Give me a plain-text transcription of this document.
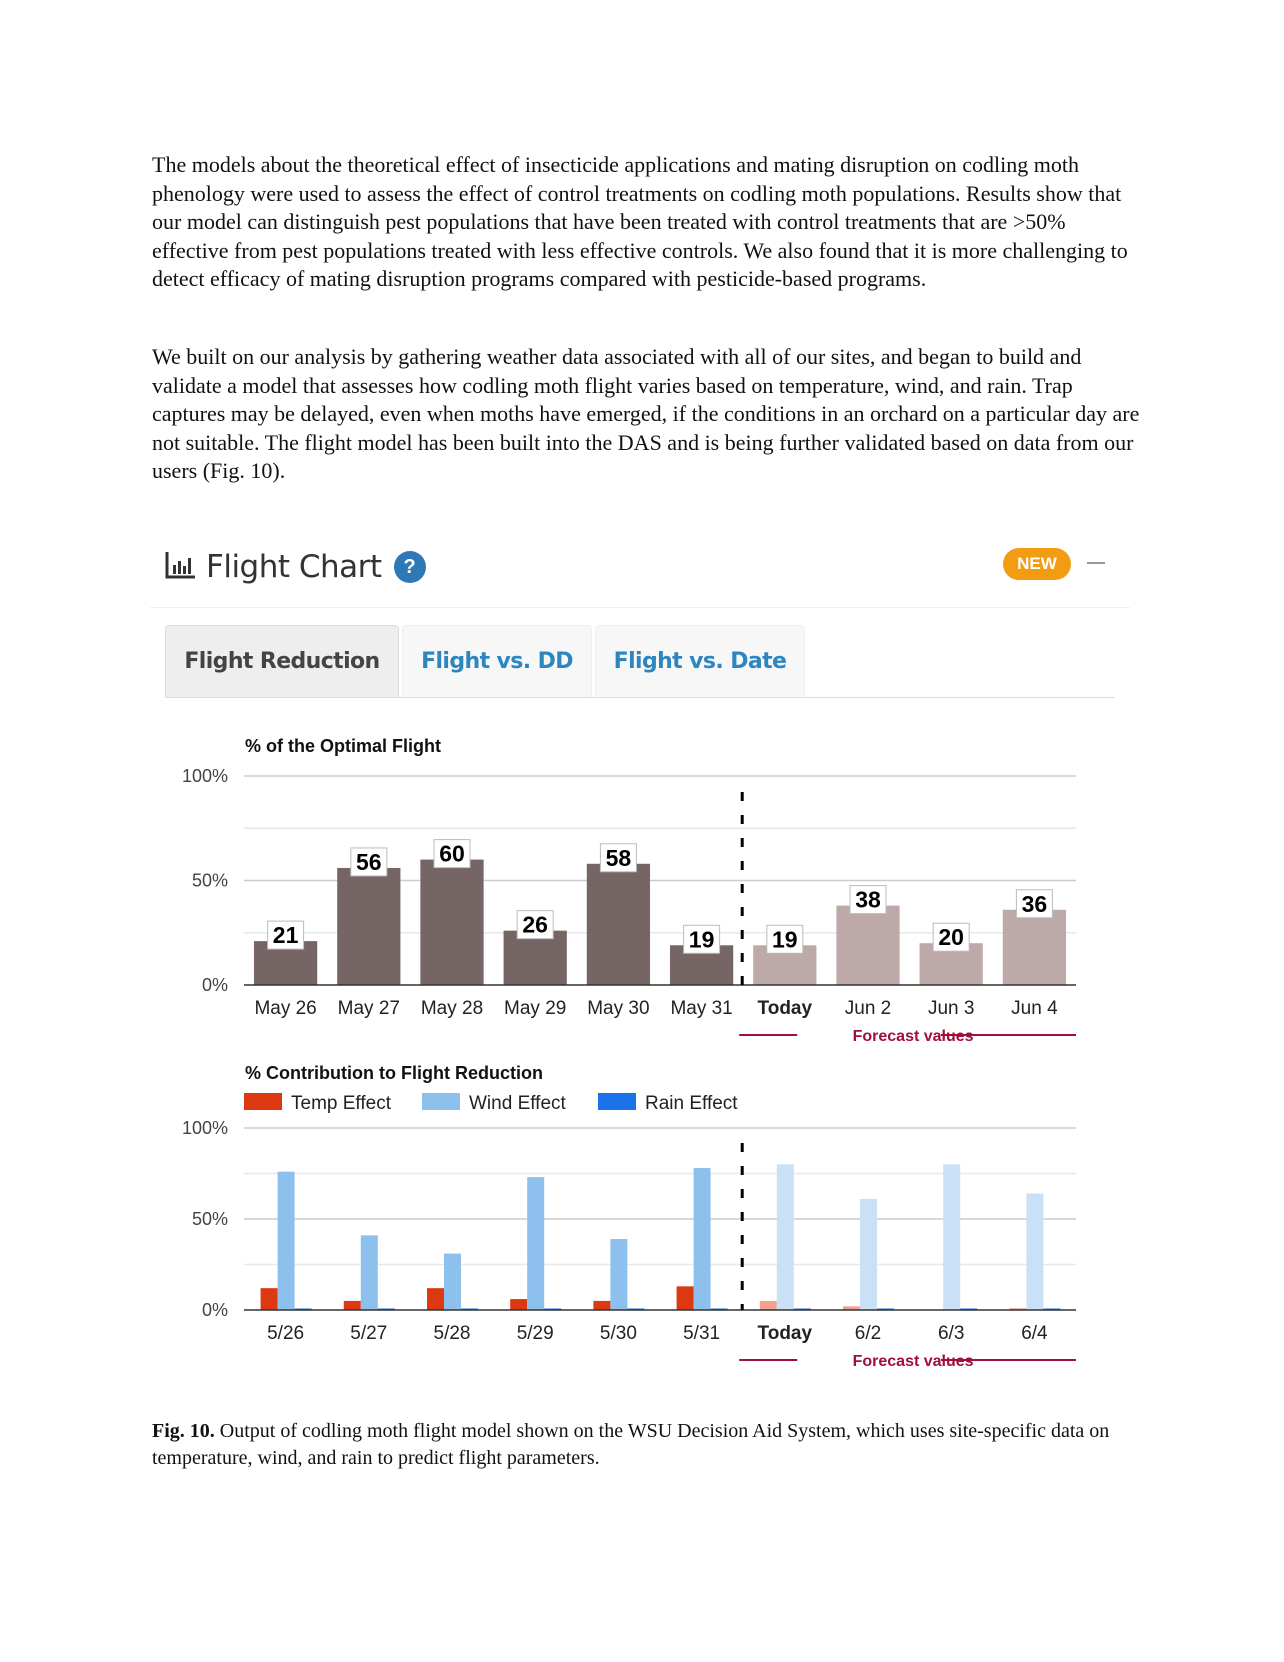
The models about the theoretical effect of insecticide applications and mating disruption on codling moth phenology were used to assess the effect of control treatments on codling moth populations. Results show that our model can distinguish pest populations that have been treated with control treatments that are >50% effective from pest populations treated with less effective controls. We also found that it is more challenging to detect efficacy of mating disruption programs compared with pesticide-based programs.

We built on our analysis by gathering weather data associated with all of our sites, and began to build and validate a model that assesses how codling moth flight varies based on temperature, wind, and rain. Trap captures may be delayed, even when moths have emerged, if the conditions in an orchard on a particular day are not suitable. The flight model has been built into the DAS and is being further validated based on data from our users (Fig. 10).

Flight Chart	?	NEW
Flight Reduction	Flight vs. DD	Flight vs. Date
% of the Optimal Flight
0%
50%
100%
21
May 26
56
May 27
60
May 28
26
May 29
58
May 30
19
May 31
19
Today
38
Jun 2
20
Jun 3
36
Jun 4
Forecast values
% Contribution to Flight Reduction
Temp Effect	Wind Effect	Rain Effect
0%
50%
100%
5/26 5/27 5/28 5/29 5/30 5/31 Today 6/2	6/3	6/4
Forecast values

Fig. 10. Output of codling moth flight model shown on the WSU Decision Aid System, which uses site-specific data on temperature, wind, and rain to predict flight parameters.
